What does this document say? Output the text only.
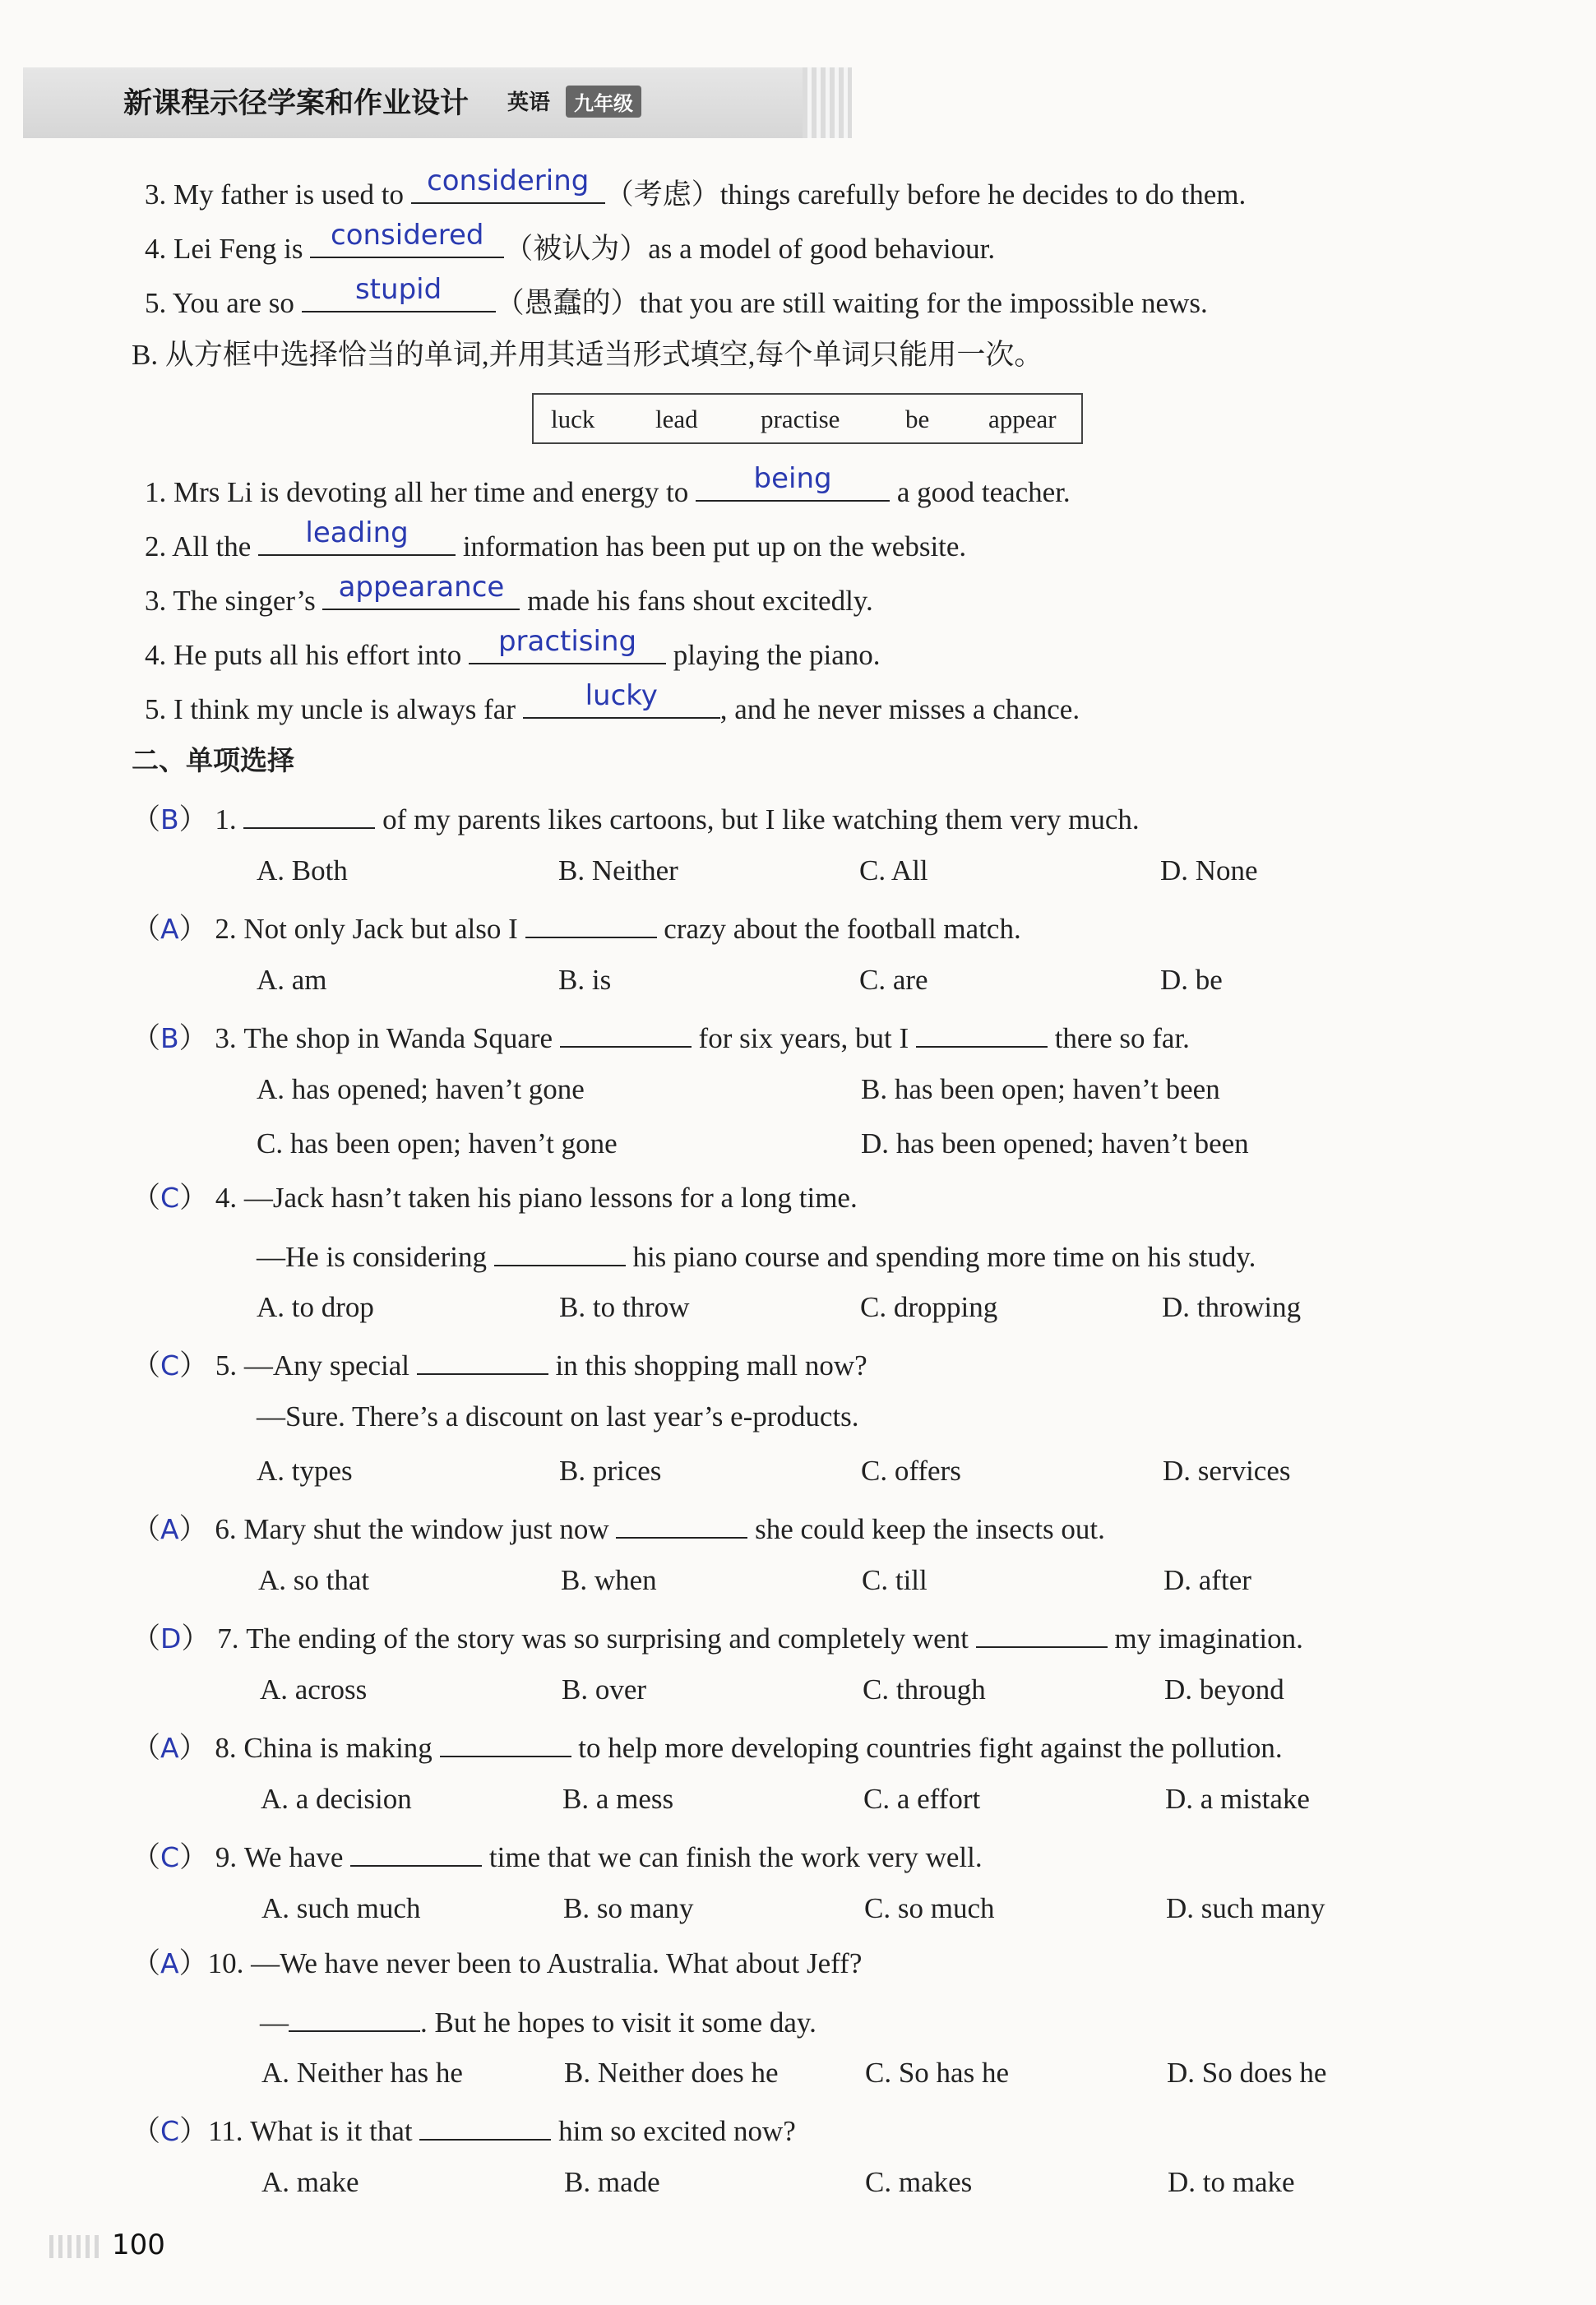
新课程示径学案和作业设计 英语	九年级
3. My father is used to considering （考虑）things carefully before he decides to do them.
4. Lei Feng is considered （被认为）as a model of good behaviour.
5. You are so	stupid	（愚蠢的）that you are still waiting for the impossible news.
B. 从方框中选择恰当的单词,并用其适当形式填空,每个单词只能用一次。
luck lead practise	be appear
1. Mrs Li is devoting all her time and energy to	being	a good teacher.
2. All the	leading	information has been put up on the website.
3. The singer’s appearance made his fans shout excitedly.
4. He puts all his effort into	practising	playing the piano.
5. I think my uncle is always far	lucky	, and he never misses a chance.
二、单项选择
（B） 1.	of my parents likes cartoons, but I like watching them very much.
A. Both	B. Neither	C. All	D. None
（A） 2. Not only Jack but also I	crazy about the football match.
A. am	B. is	C. are	D. be
（B） 3. The shop in Wanda Square	for six years, but I	there so far.
A. has opened; haven’t gone	B. has been open; haven’t been
C. has been open; haven’t gone	D. has been opened; haven’t been
（C） 4. —Jack hasn’t taken his piano lessons for a long time.
—He is considering	his piano course and spending more time on his study.
A. to drop	B. to throw	C. dropping	D. throwing
（C） 5. —Any special	in this shopping mall now?
—Sure. There’s a discount on last year’s e-products.
A. types	B. prices	C. offers	D. services
（A） 6. Mary shut the window just now	she could keep the insects out.
A. so that	B. when	C. till	D. after
（D） 7. The ending of the story was so surprising and completely went	my imagination.
A. across	B. over	C. through	D. beyond
（A） 8. China is making	to help more developing countries fight against the pollution.
A. a decision	B. a mess	C. a effort	D. a mistake
（C） 9. We have	time that we can finish the work very well.
A. such much	B. so many	C. so much	D. such many
（A）10. —We have never been to Australia. What about Jeff?
—	. But he hopes to visit it some day.
A. Neither has he	B. Neither does he	C. So has he	D. So does he
（C）11. What is it that	him so excited now?
A. make	B. made	C. makes	D. to make
100
